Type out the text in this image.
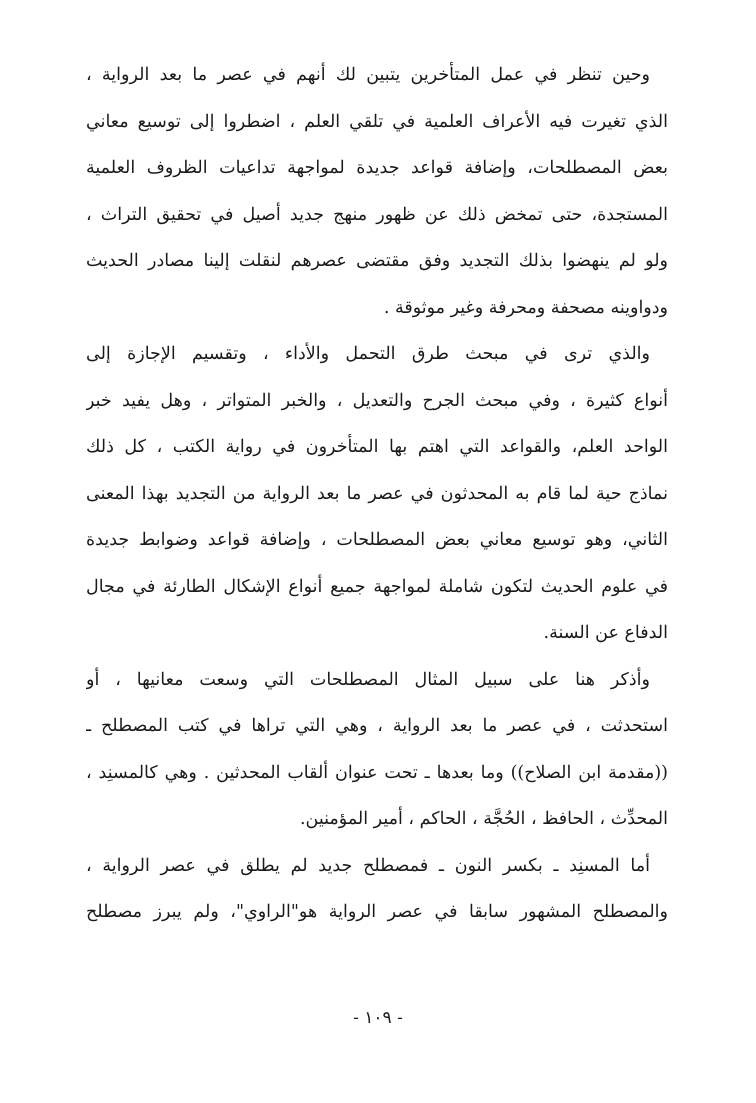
وحين تنظر في عمل المتأخرين يتبين لك أنهم في عصر ما بعد الرواية ،
الذي تغيرت فيه الأعراف العلمية في تلقي العلم ، اضطروا إلى توسيع معاني
بعض المصطلحات، وإضافة قواعد جديدة لمواجهة تداعيات الظروف العلمية
المستجدة، حتى تمخض ذلك عن ظهور منهج جديد أصيل في تحقيق التراث ،
ولو لم ينهضوا بذلك التجديد وفق مقتضى عصرهم لنقلت إلينا مصادر الحديث
ودواوينه مصحفة ومحرفة وغير موثوقة .
والذي ترى في مبحث طرق التحمل والأداء ، وتقسيم الإجازة إلى
أنواع كثيرة ، وفي مبحث الجرح والتعديل ، والخبر المتواتر ، وهل يفيد خبر
الواحد العلم، والقواعد التي اهتم بها المتأخرون في رواية الكتب ، كل ذلك
نماذج حية لما قام به المحدثون في عصر ما بعد الرواية من التجديد بهذا المعنى
الثاني، وهو توسيع معاني بعض المصطلحات ، وإضافة قواعد وضوابط جديدة
في علوم الحديث لتكون شاملة لمواجهة جميع أنواع الإشكال الطارئة في مجال
الدفاع عن السنة.
وأذكر هنا على سبيل المثال المصطلحات التي وسعت معانيها ، أو
استحدثت ، في عصر ما بعد الرواية ، وهي التي تراها في كتب المصطلح ـ
((مقدمة ابن الصلاح)) وما بعدها ـ تحت عنوان ألقاب المحدثين . وهي كالمسنِد ،
المحدِّث ، الحافظ ، الحُجَّة ، الحاكم ، أمير المؤمنين.
أما المسنِد ـ بكسر النون ـ فمصطلح جديد لم يطلق في عصر الرواية ،
والمصطلح المشهور سابقا في عصر الرواية هو"الراوي"، ولم يبرز مصطلح
- ١٠٩ -
